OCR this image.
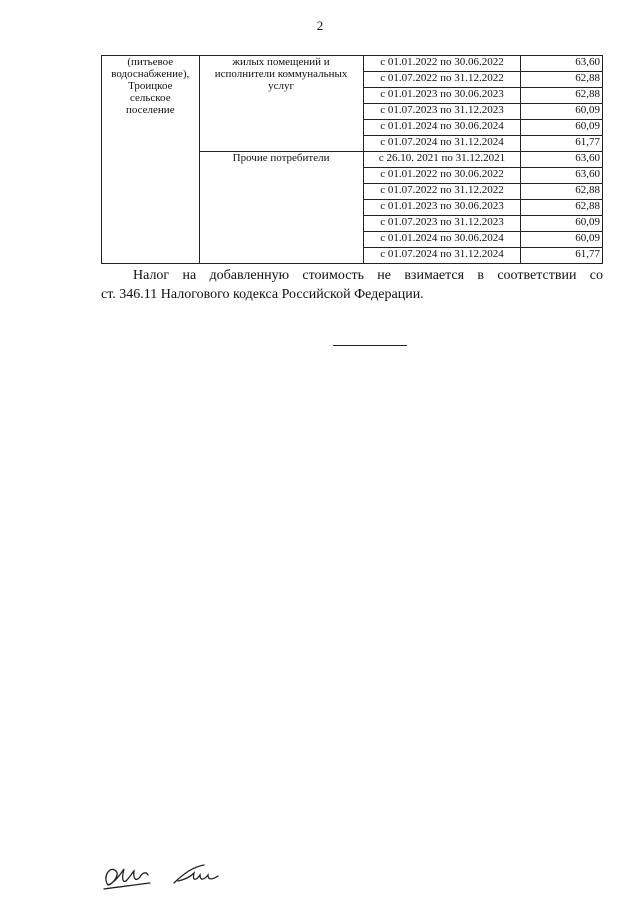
2
(питьевое
водоснабжение),
Троицкое
сельское
поселение	жилых помещений и
исполнители коммунальных
услуг	с 01.01.2022 по 30.06.2022	63,60
		с 01.07.2022 по 31.12.2022	62,88
		с 01.01.2023 по 30.06.2023	62,88
		с 01.07.2023 по 31.12.2023	60,09
		с 01.01.2024 по 30.06.2024	60,09
		с 01.07.2024 по 31.12.2024	61,77

	Прочие потребители	с 26.10. 2021 по 31.12.2021	63,60
		с 01.01.2022 по 30.06.2022	63,60
		с 01.07.2022 по 31.12.2022	62,88
		с 01.01.2023 по 30.06.2023	62,88
		с 01.07.2023 по 31.12.2023	60,09
		с 01.01.2024 по 30.06.2024	60,09
		с 01.07.2024 по 31.12.2024	61,77
Налог на добавленную стоимость не взимается в соответствии со
ст. 346.11 Налогового кодекса Российской Федерации.
